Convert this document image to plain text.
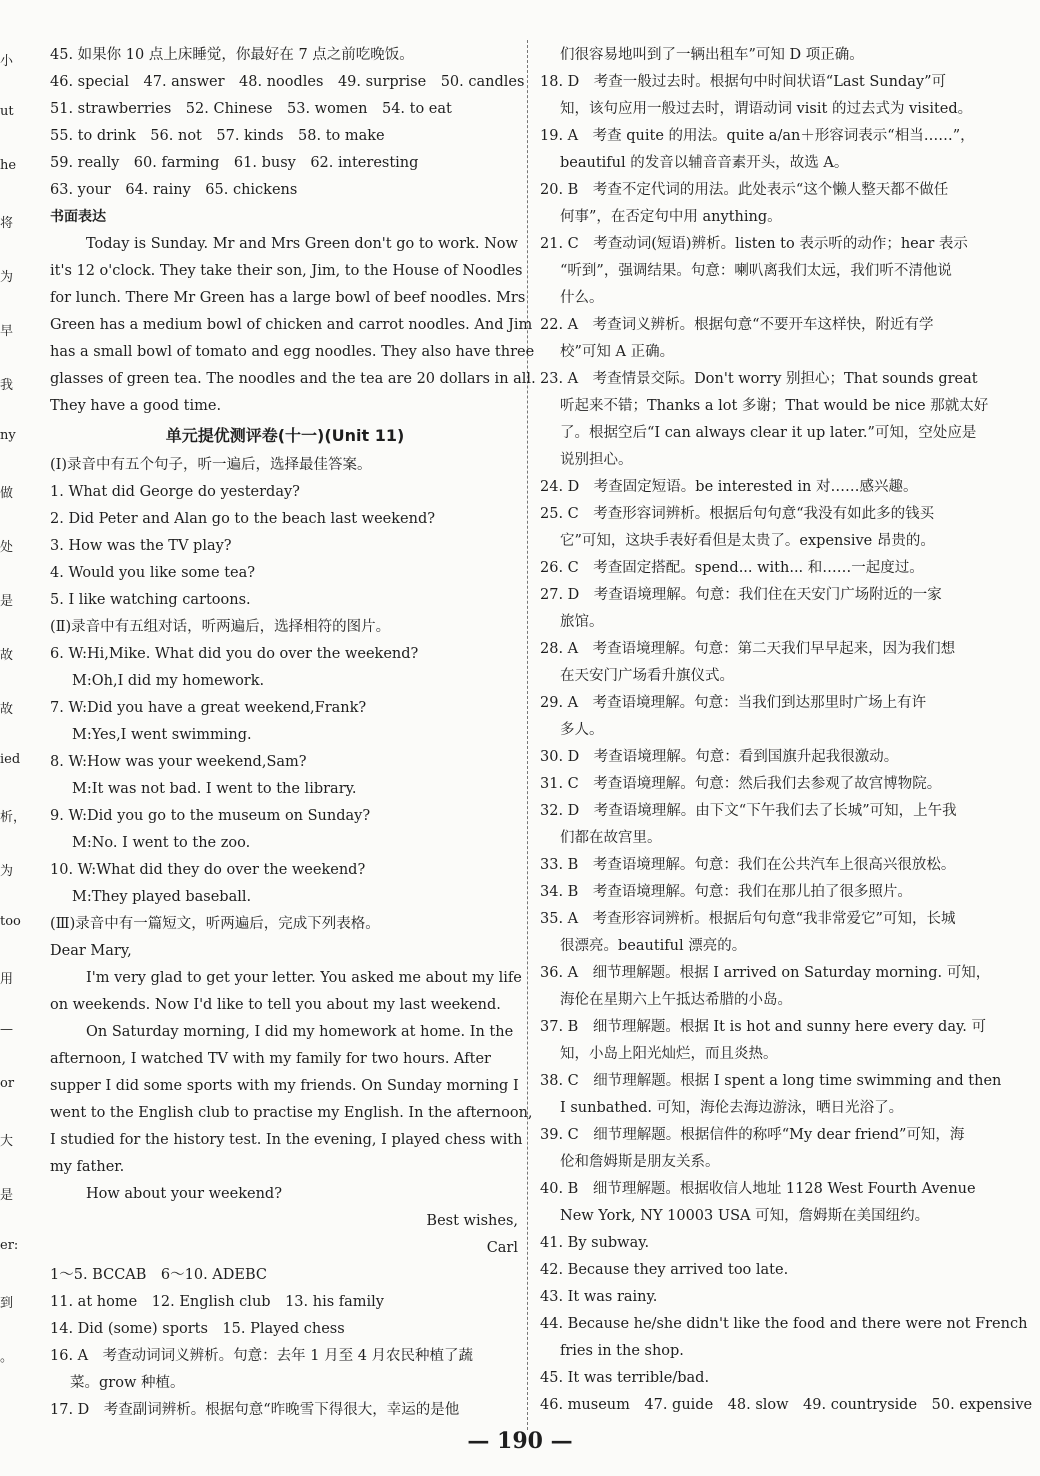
小
ut
he
将
为
早
我
ny
做
处
是
故
故
ied
析，
为
too
用
—
or
大
是
er:
到
。
45. 如果你 10 点上床睡觉，你最好在 7 点之前吃晚饭。
46. special　47. answer　48. noodles　49. surprise　50. candles
51. strawberries　52. Chinese　53. women　54. to eat
55. to drink　56. not　57. kinds　58. to make
59. really　60. farming　61. busy　62. interesting
63. your　64. rainy　65. chickens
书面表达
Today is Sunday. Mr and Mrs Green don't go to work. Now
it's 12 o'clock. They take their son, Jim, to the House of Noodles
for lunch. There Mr Green has a large bowl of beef noodles. Mrs
Green has a medium bowl of chicken and carrot noodles. And Jim
has a small bowl of tomato and egg noodles. They also have three
glasses of green tea. The noodles and the tea are 20 dollars in all.
They have a good time.
单元提优测评卷(十一)(Unit 11)
(Ⅰ)录音中有五个句子，听一遍后，选择最佳答案。
1. What did George do yesterday?
2. Did Peter and Alan go to the beach last weekend?
3. How was the TV play?
4. Would you like some tea?
5. I like watching cartoons.
(Ⅱ)录音中有五组对话，听两遍后，选择相符的图片。
6. W:Hi,Mike. What did you do over the weekend?
M:Oh,I did my homework.
7. W:Did you have a great weekend,Frank?
M:Yes,I went swimming.
8. W:How was your weekend,Sam?
M:It was not bad. I went to the library.
9. W:Did you go to the museum on Sunday?
M:No. I went to the zoo.
10. W:What did they do over the weekend?
M:They played baseball.
(Ⅲ)录音中有一篇短文，听两遍后，完成下列表格。
Dear Mary,
I'm very glad to get your letter. You asked me about my life
on weekends. Now I'd like to tell you about my last weekend.
On Saturday morning, I did my homework at home. In the
afternoon, I watched TV with my family for two hours. After
supper I did some sports with my friends. On Sunday morning I
went to the English club to practise my English. In the afternoon,
I studied for the history test. In the evening, I played chess with
my father.
How about your weekend?
Best wishes,
Carl
1～5. BCCAB　6～10. ADEBC
11. at home　12. English club　13. his family
14. Did (some) sports　15. Played chess
16. A　考查动词词义辨析。句意：去年 1 月至 4 月农民种植了蔬
菜。grow 种植。
17. D　考查副词辨析。根据句意“昨晚雪下得很大，幸运的是他
们很容易地叫到了一辆出租车”可知 D 项正确。
18. D　考查一般过去时。根据句中时间状语“Last Sunday”可
知，该句应用一般过去时，谓语动词 visit 的过去式为 visited。
19. A　考查 quite 的用法。quite a/an＋形容词表示“相当……”，
beautiful 的发音以辅音音素开头，故选 A。
20. B　考查不定代词的用法。此处表示“这个懒人整天都不做任
何事”，在否定句中用 anything。
21. C　考查动词(短语)辨析。listen to 表示听的动作；hear 表示
“听到”，强调结果。句意：喇叭离我们太远，我们听不清他说
什么。
22. A　考查词义辨析。根据句意“不要开车这样快，附近有学
校”可知 A 正确。
23. A　考查情景交际。Don't worry 别担心；That sounds great
听起来不错；Thanks a lot 多谢；That would be nice 那就太好
了。根据空后“I can always clear it up later.”可知，空处应是
说别担心。
24. D　考查固定短语。be interested in 对……感兴趣。
25. C　考查形容词辨析。根据后句句意“我没有如此多的钱买
它”可知，这块手表好看但是太贵了。expensive 昂贵的。
26. C　考查固定搭配。spend... with... 和……一起度过。
27. D　考查语境理解。句意：我们住在天安门广场附近的一家
旅馆。
28. A　考查语境理解。句意：第二天我们早早起来，因为我们想
在天安门广场看升旗仪式。
29. A　考查语境理解。句意：当我们到达那里时广场上有许
多人。
30. D　考查语境理解。句意：看到国旗升起我很激动。
31. C　考查语境理解。句意：然后我们去参观了故宫博物院。
32. D　考查语境理解。由下文“下午我们去了长城”可知，上午我
们都在故宫里。
33. B　考查语境理解。句意：我们在公共汽车上很高兴很放松。
34. B　考查语境理解。句意：我们在那儿拍了很多照片。
35. A　考查形容词辨析。根据后句句意“我非常爱它”可知，长城
很漂亮。beautiful 漂亮的。
36. A　细节理解题。根据 I arrived on Saturday morning. 可知，
海伦在星期六上午抵达希腊的小岛。
37. B　细节理解题。根据 It is hot and sunny here every day. 可
知，小岛上阳光灿烂，而且炎热。
38. C　细节理解题。根据 I spent a long time swimming and then
I sunbathed. 可知，海伦去海边游泳，晒日光浴了。
39. C　细节理解题。根据信件的称呼“My dear friend”可知，海
伦和詹姆斯是朋友关系。
40. B　细节理解题。根据收信人地址 1128 West Fourth Avenue
New York, NY 10003 USA 可知，詹姆斯在美国纽约。
41. By subway.
42. Because they arrived too late.
43. It was rainy.
44. Because he/she didn't like the food and there were not French
fries in the shop.
45. It was terrible/bad.
46. museum　47. guide　48. slow　49. countryside　50. expensive
— 190 —
